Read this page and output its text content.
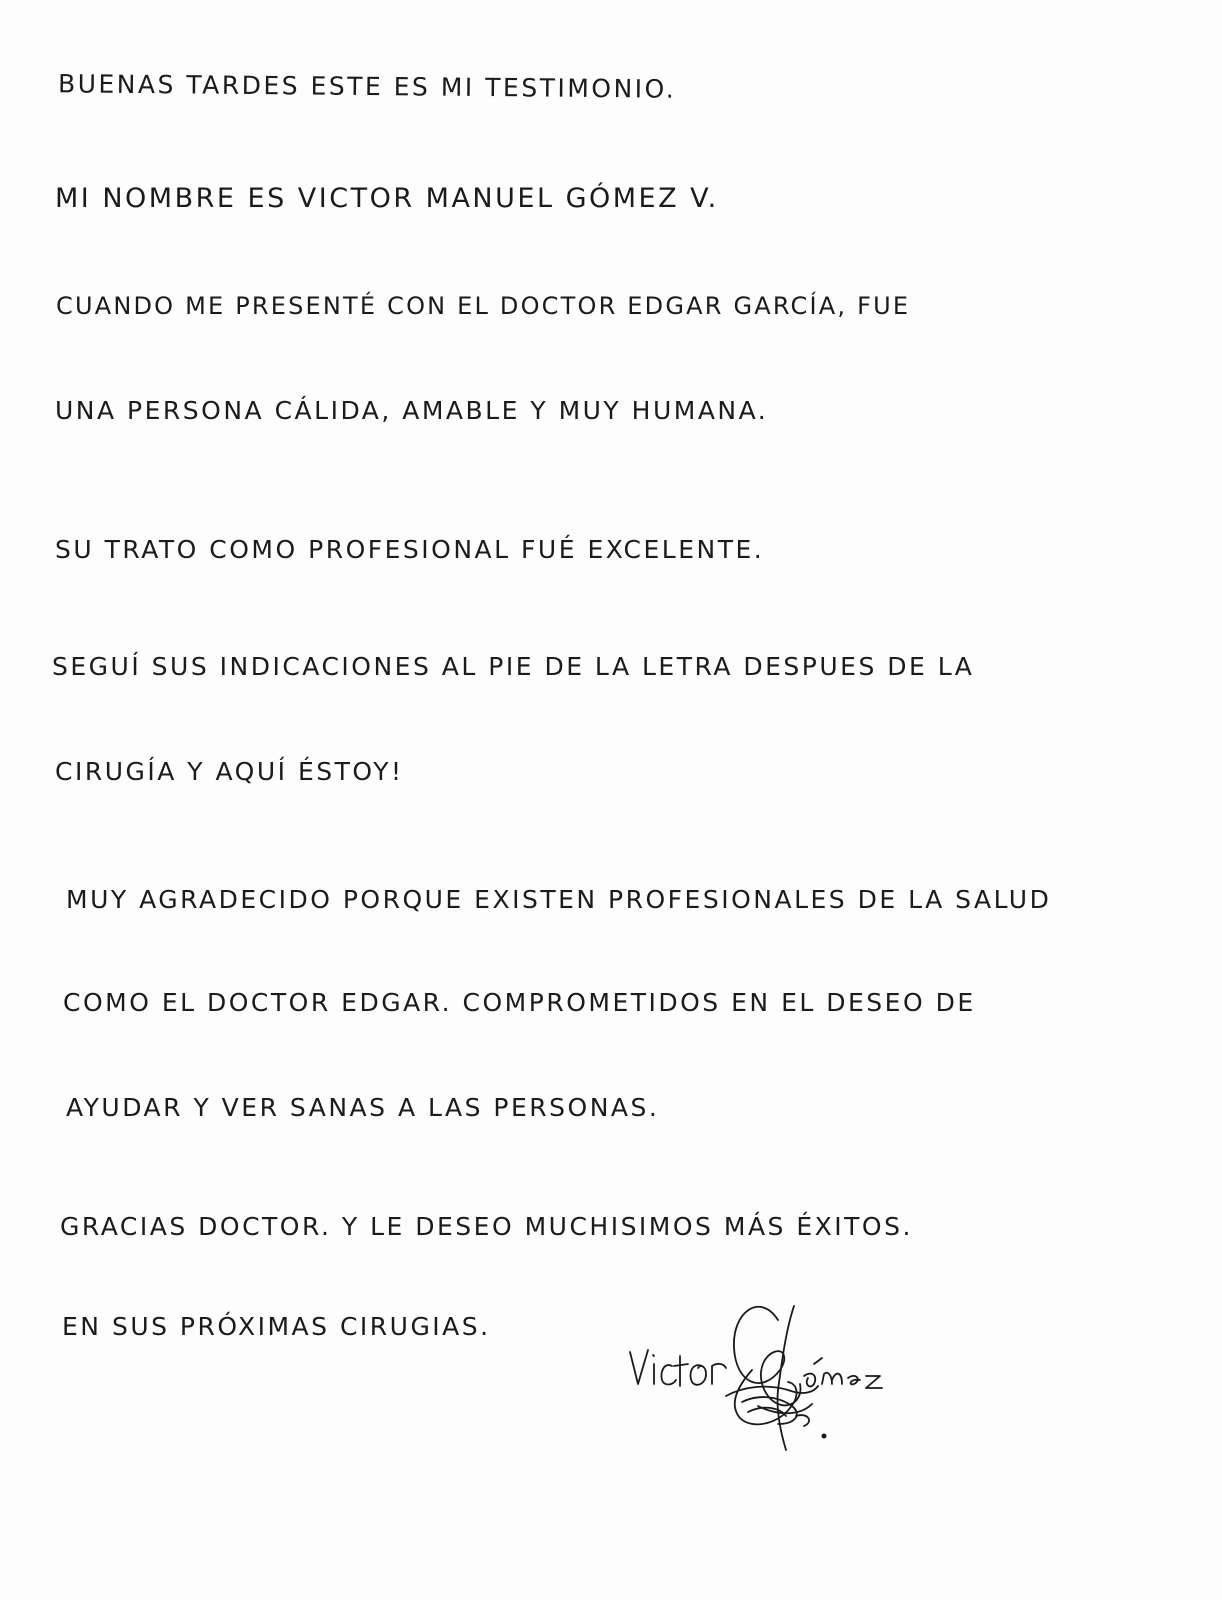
BUENAS TARDES ESTE ES MI TESTIMONIO.

MI NOMBRE ES VICTOR MANUEL GÓMEZ V.

CUANDO ME PRESENTÉ CON EL DOCTOR EDGAR GARCÍA, FUE

UNA PERSONA CÁLIDA, AMABLE Y MUY HUMANA.

SU TRATO COMO PROFESIONAL FUÉ EXCELENTE.

SEGUÍ SUS INDICACIONES AL PIE DE LA LETRA DESPUES DE LA

CIRUGÍA Y AQUÍ ÉSTOY!

MUY AGRADECIDO PORQUE EXISTEN PROFESIONALES DE LA SALUD

COMO EL DOCTOR EDGAR. COMPROMETIDOS EN EL DESEO DE

AYUDAR Y VER SANAS A LAS PERSONAS.

GRACIAS DOCTOR. Y LE DESEO MUCHISIMOS MÁS ÉXITOS.

EN SUS PRÓXIMAS CIRUGIAS.
